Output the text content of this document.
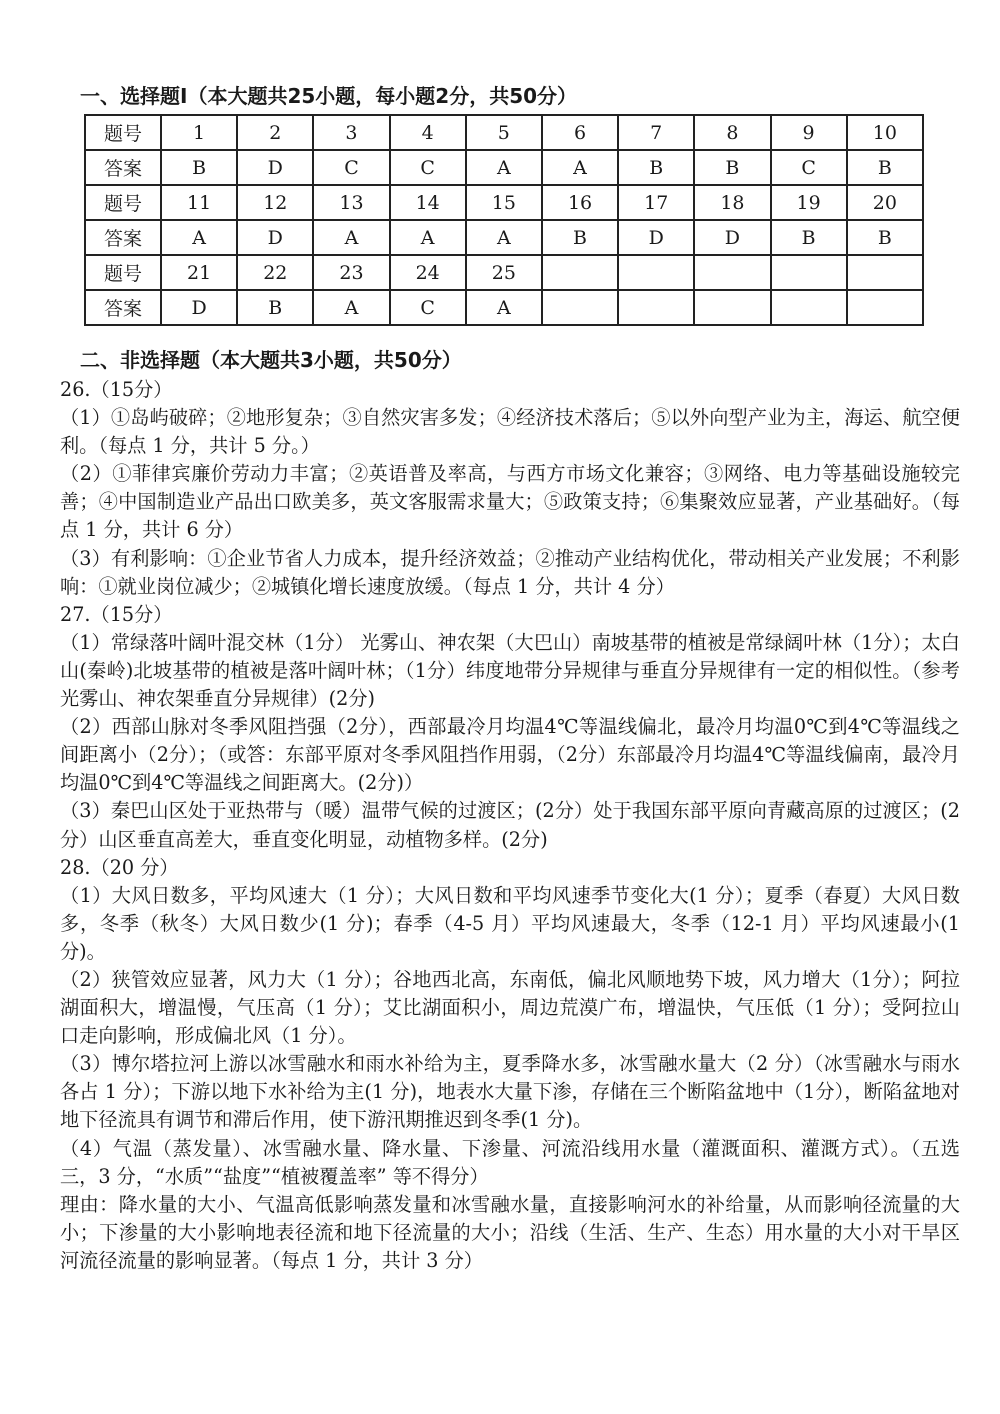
一、选择题Ⅰ（本大题共25小题，每小题2分，共50分）
题号	1	2	3	4	5	6	7	8	9	10
答案	B	D	C	C	A	A	B	B	C	B
题号	11	12	13	14	15	16	17	18	19	20
答案	A	D	A	A	A	B	D	D	B	B
题号	21	22	23	24	25					
答案	D	B	A	C	A					
二、非选择题（本大题共3小题，共50分）

26.（15分）

（1）①岛屿破碎；②地形复杂；③自然灾害多发；④经济技术落后；⑤以外向型产业为主，海运、航空便利。（每点 1 分，共计 5 分。）

（2）①菲律宾廉价劳动力丰富；②英语普及率高，与西方市场文化兼容；③网络、电力等基础设施较完善；④中国制造业产品出口欧美多，英文客服需求量大；⑤政策支持；⑥集聚效应显著，产业基础好。（每点 1 分，共计 6 分）

（3）有利影响：①企业节省人力成本，提升经济效益；②推动产业结构优化，带动相关产业发展；不利影响：①就业岗位减少；②城镇化增长速度放缓。（每点 1 分，共计 4 分）

27.（15分）

（1）常绿落叶阔叶混交林（1分） 光雾山、神农架（大巴山）南坡基带的植被是常绿阔叶林（1分）；太白山(秦岭)北坡基带的植被是落叶阔叶林；（1分）纬度地带分异规律与垂直分异规律有一定的相似性。（参考光雾山、神农架垂直分异规律）(2分)

（2）西部山脉对冬季风阻挡强（2分），西部最冷月均温4℃等温线偏北，最冷月均温0℃到4℃等温线之间距离小（2分）；（或答：东部平原对冬季风阻挡作用弱，（2分）东部最冷月均温4℃等温线偏南，最冷月均温0℃到4℃等温线之间距离大。(2分)）

（3）秦巴山区处于亚热带与（暖）温带气候的过渡区；(2分）处于我国东部平原向青藏高原的过渡区；(2分）山区垂直高差大，垂直变化明显，动植物多样。(2分)

28.（20 分）

（1）大风日数多，平均风速大（1 分）；大风日数和平均风速季节变化大(1 分）；夏季（春夏）大风日数多，冬季（秋冬）大风日数少(1 分)；春季（4-5 月）平均风速最大，冬季（12-1 月）平均风速最小(1 分)。

（2）狭管效应显著，风力大（1 分）；谷地西北高，东南低，偏北风顺地势下坡，风力增大（1分）；阿拉湖面积大，增温慢，气压高（1 分）；艾比湖面积小，周边荒漠广布，增温快，气压低（1 分）；受阿拉山口走向影响，形成偏北风（1 分）。

（3）博尔塔拉河上游以冰雪融水和雨水补给为主，夏季降水多，冰雪融水量大（2 分）（冰雪融水与雨水各占 1 分）；下游以地下水补给为主(1 分)，地表水大量下渗，存储在三个断陷盆地中（1分），断陷盆地对地下径流具有调节和滞后作用，使下游汛期推迟到冬季(1 分)。

（4）气温（蒸发量）、冰雪融水量、降水量、下渗量、河流沿线用水量（灌溉面积、灌溉方式）。（五选三，3 分，“水质”“盐度”“植被覆盖率” 等不得分）

理由：降水量的大小、气温高低影响蒸发量和冰雪融水量，直接影响河水的补给量，从而影响径流量的大小；下渗量的大小影响地表径流和地下径流量的大小；沿线（生活、生产、生态）用水量的大小对干旱区河流径流量的影响显著。（每点 1 分，共计 3 分）
